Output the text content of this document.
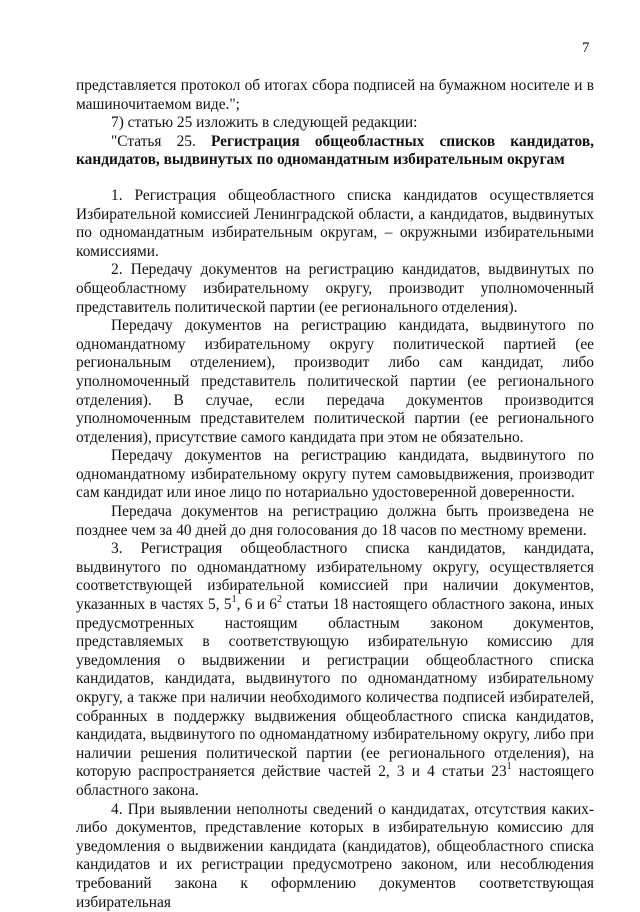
7

представляется протокол об итогах сбора подписей на бумажном носителе и в машиночитаемом виде.";

7) статью 25 изложить в следующей редакции:

"Статья 25. Регистрация общеобластных списков кандидатов, кандидатов, выдвинутых по одномандатным избирательным округам

1. Регистрация общеобластного списка кандидатов осуществляется Избирательной комиссией Ленинградской области, а кандидатов, выдвинутых по одномандатным избирательным округам, – окружными избирательными комиссиями.

2. Передачу документов на регистрацию кандидатов, выдвинутых по общеобластному избирательному округу, производит уполномоченный представитель политической партии (ее регионального отделения).

Передачу документов на регистрацию кандидата, выдвинутого по одномандатному избирательному округу политической партией (ее региональным отделением), производит либо сам кандидат, либо уполномоченный представитель политической партии (ее регионального отделения). В случае, если передача документов производится уполномоченным представителем политической партии (ее регионального отделения), присутствие самого кандидата при этом не обязательно.

Передачу документов на регистрацию кандидата, выдвинутого по одномандатному избирательному округу путем самовыдвижения, производит сам кандидат или иное лицо по нотариально удостоверенной доверенности.

Передача документов на регистрацию должна быть произведена не позднее чем за 40 дней до дня голосования до 18 часов по местному времени.

3. Регистрация общеобластного списка кандидатов, кандидата, выдвинутого по одномандатному избирательному округу, осуществляется соответствующей избирательной комиссией при наличии документов, указанных в частях 5, $5^1$, 6 и $6^2$ статьи 18 настоящего областного закона, иных предусмотренных настоящим областным законом документов, представляемых в соответствующую избирательную комиссию для уведомления о выдвижении и регистрации общеобластного списка кандидатов, кандидата, выдвинутого по одномандатному избирательному округу, а также при наличии необходимого количества подписей избирателей, собранных в поддержку выдвижения общеобластного списка кандидатов, кандидата, выдвинутого по одномандатному избирательному округу, либо при наличии решения политической партии (ее регионального отделения), на которую распространяется действие частей 2, 3 и 4 статьи $23^1$ настоящего областного закона.

4. При выявлении неполноты сведений о кандидатах, отсутствия каких-либо документов, представление которых в избирательную комиссию для уведомления о выдвижении кандидата (кандидатов), общеобластного списка кандидатов и их регистрации предусмотрено законом, или несоблюдения требований закона к оформлению документов соответствующая избирательная
